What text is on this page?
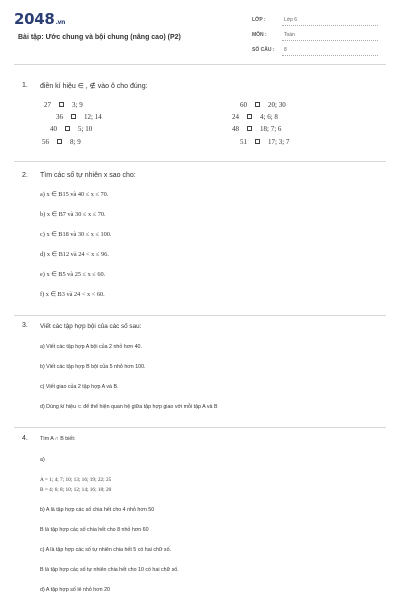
2048.vn
Bài tập: Ước chung và bội chung (nâng cao) (P2)
LỚP :	Lớp 6
MÔN :	Toán
SỐ CÂU : 8
1. điền kí hiệu ∈ , ∉ vào ô cho đúng:
27	3; 9
36	12; 14
40	5; 10
56	8; 9
60	20; 30
24	4; 6; 8
48	18; 7; 6
51	17; 3; 7
2. Tìm các số tự nhiên x sao cho:
a) x ∈ B15 và 40 ≤ x ≤ 70.
b) x ∈ B7 và 30 ≤ x ≤ 70.
c) x ∈ B18 và 30 ≤ x ≤ 100.
d) x ∈ B12 và 24 < x ≤ 96.
e) x ∈ B5 và 25 ≤ x ≤ 60.
f) x ∈ B3 và 24 < x < 60.
3. Viết các tập hợp bội của các số sau:
a) Viết các tập hợp A bội của 2 nhỏ hơn 40.
b) Viết các tập hợp B bội của 5 nhỏ hơn 100.
c) Viết giao của 2 tập hợp A và B.
d) Dùng kí hiệu ⊂ để thể hiện quan hệ giữa tập hợp giao với mỗi tập A và B
4. Tìm A ∩ B biết:
a)
A = 1; 4; 7; 10; 13; 16; 19; 22; 25
B = 4; 6; 8; 10; 12; 14; 16; 18; 20
b) A là tập hợp các số chia hết cho 4 nhỏ hơn 50
B là tập hợp các số chia hết cho 8 nhỏ hơn 60
c) A là tập hợp các số tự nhiên chia hết 5 có hai chữ số.
B là tập hợp các số tự nhiên chia hết cho 10 có hai chữ số.
d) A tập hợp số lẻ nhỏ hơn 20
